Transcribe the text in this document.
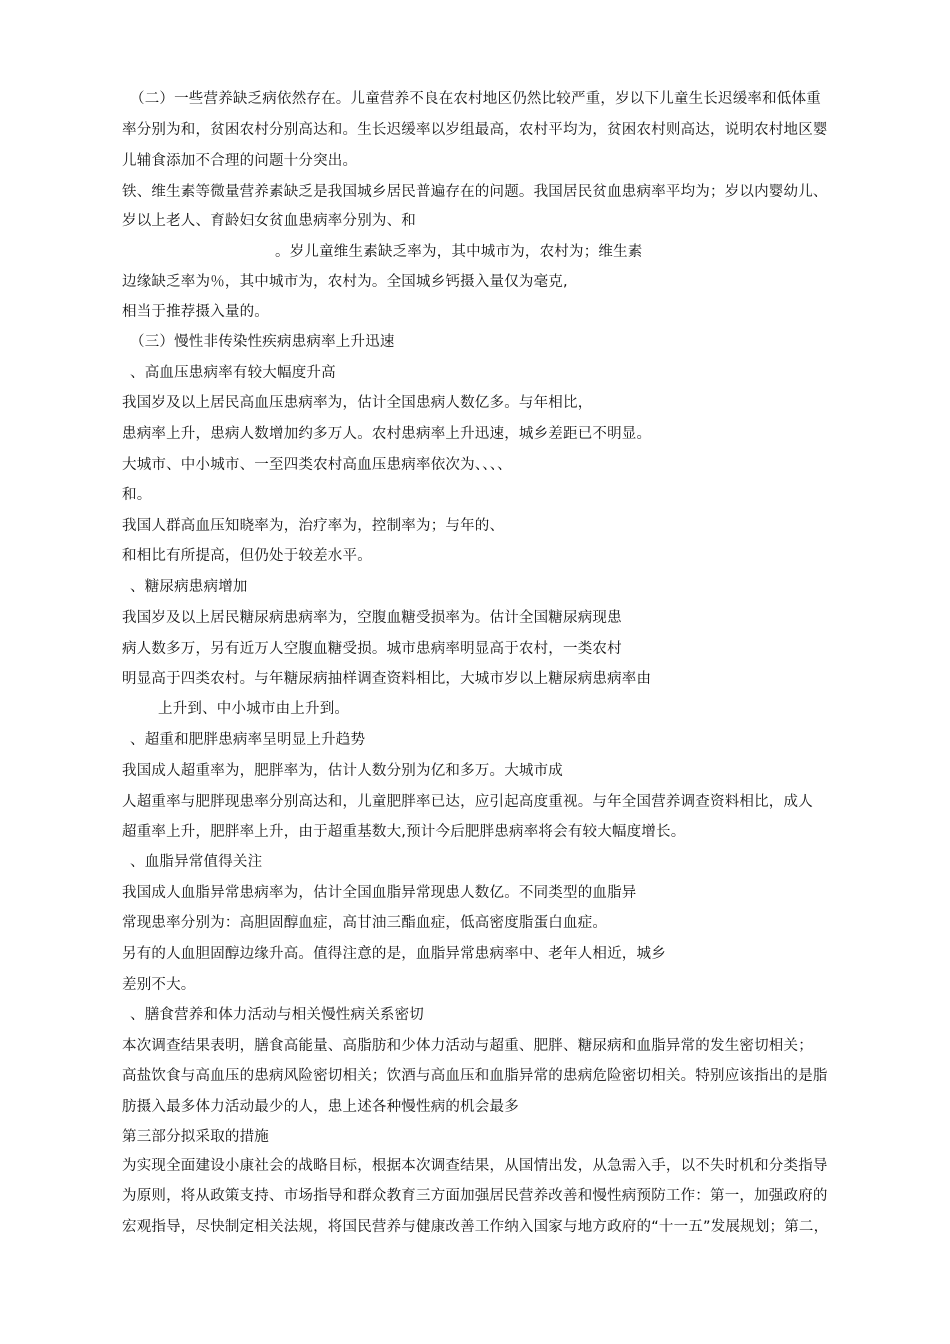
（二）一些营养缺乏病依然存在。儿童营养不良在农村地区仍然比较严重，岁以下儿童生长迟缓率和低体重
率分别为和，贫困农村分别高达和。生长迟缓率以岁组最高，农村平均为，贫困农村则高达，说明农村地区婴
儿辅食添加不合理的问题十分突出。
铁、维生素等微量营养素缺乏是我国城乡居民普遍存在的问题。我国居民贫血患病率平均为；岁以内婴幼儿、
岁以上老人、育龄妇女贫血患病率分别为、和
。岁儿童维生素缺乏率为，其中城市为，农村为；维生素
边缘缺乏率为％，其中城市为，农村为。全国城乡钙摄入量仅为毫克,
相当于推荐摄入量的。
（三）慢性非传染性疾病患病率上升迅速
、高血压患病率有较大幅度升高
我国岁及以上居民高血压患病率为，估计全国患病人数亿多。与年相比，
患病率上升，患病人数增加约多万人。农村患病率上升迅速，城乡差距已不明显。
大城市、中小城市、一至四类农村高血压患病率依次为、、、、
和。
我国人群高血压知晓率为，治疗率为，控制率为；与年的、
和相比有所提高，但仍处于较差水平。
、糖尿病患病增加
我国岁及以上居民糖尿病患病率为，空腹血糖受损率为。估计全国糖尿病现患
病人数多万，另有近万人空腹血糖受损。城市患病率明显高于农村，一类农村
明显高于四类农村。与年糖尿病抽样调查资料相比，大城市岁以上糖尿病患病率由
上升到、中小城市由上升到。
、超重和肥胖患病率呈明显上升趋势
我国成人超重率为，肥胖率为，估计人数分别为亿和多万。大城市成
人超重率与肥胖现患率分别高达和，儿童肥胖率已达，应引起高度重视。与年全国营养调查资料相比，成人
超重率上升，肥胖率上升，由于超重基数大,预计今后肥胖患病率将会有较大幅度增长。
、血脂异常值得关注
我国成人血脂异常患病率为，估计全国血脂异常现患人数亿。不同类型的血脂异
常现患率分别为：高胆固醇血症，高甘油三酯血症，低高密度脂蛋白血症。
另有的人血胆固醇边缘升高。值得注意的是，血脂异常患病率中、老年人相近，城乡
差别不大。
、膳食营养和体力活动与相关慢性病关系密切
本次调查结果表明，膳食高能量、高脂肪和少体力活动与超重、肥胖、糖尿病和血脂异常的发生密切相关；
高盐饮食与高血压的患病风险密切相关；饮酒与高血压和血脂异常的患病危险密切相关。特别应该指出的是脂
肪摄入最多体力活动最少的人，患上述各种慢性病的机会最多
第三部分拟采取的措施
为实现全面建设小康社会的战略目标，根据本次调查结果，从国情出发，从急需入手，以不失时机和分类指导
为原则，将从政策支持、市场指导和群众教育三方面加强居民营养改善和慢性病预防工作：第一，加强政府的
宏观指导，尽快制定相关法规，将国民营养与健康改善工作纳入国家与地方政府的“十一五”发展规划；第二，
